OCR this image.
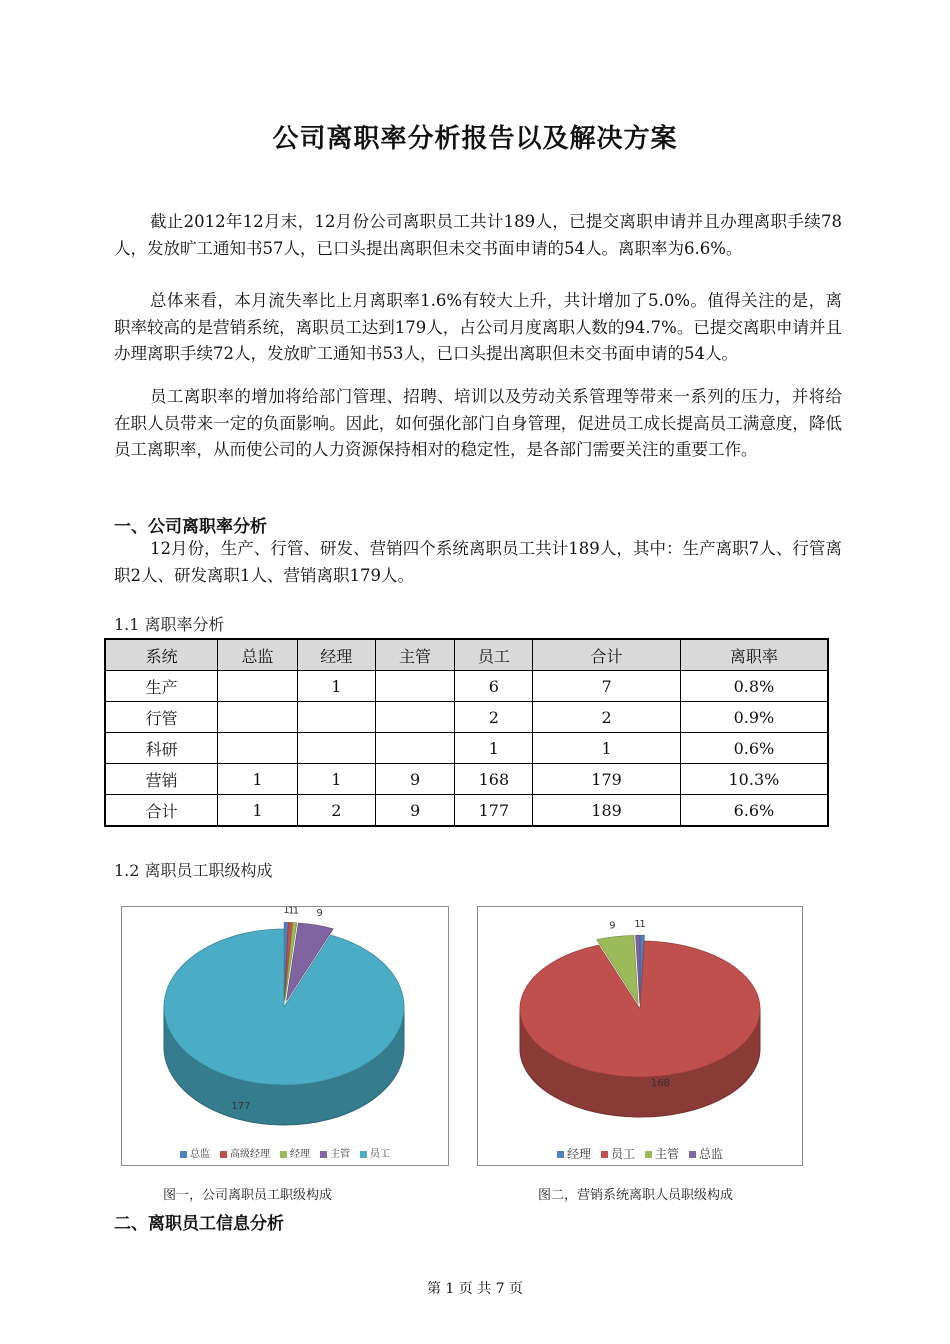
公司离职率分析报告以及解决方案

截止2012年12月末，12月份公司离职员工共计189人，已提交离职申请并且办理离职手续78人，发放旷工通知书57人，已口头提出离职但未交书面申请的54人。离职率为6.6%。

总体来看，本月流失率比上月离职率1.6%有较大上升，共计增加了5.0%。值得关注的是，离职率较高的是营销系统，离职员工达到179人，占公司月度离职人数的94.7%。已提交离职申请并且办理离职手续72人，发放旷工通知书53人，已口头提出离职但未交书面申请的54人。

员工离职率的增加将给部门管理、招聘、培训以及劳动关系管理等带来一系列的压力，并将给在职人员带来一定的负面影响。因此，如何强化部门自身管理，促进员工成长提高员工满意度，降低员工离职率，从而使公司的人力资源保持相对的稳定性，是各部门需要关注的重要工作。

一、公司离职率分析

12月份，生产、行管、研发、营销四个系统离职员工共计189人，其中：生产离职7人、行管离职2人、研发离职1人、营销离职179人。

1.1 离职率分析
系统	总监	经理	主管	员工	合计	离职率
生产		1		6	7	0.8%
行管				2	2	0.9%
科研				1	1	0.6%
营销	1	1	9	168	179	10.3%
合计	1	2	9	177	189	6.6%
1.2 离职员工职级构成
1
1
1 9
177
总监 高级经理 经理 主管 员工
图一，公司离职员工职级构成
1
168
9 1
经理 员工 主管 总监
图二，营销系统离职人员职级构成
二、离职员工信息分析
第 1 页 共 7 页
